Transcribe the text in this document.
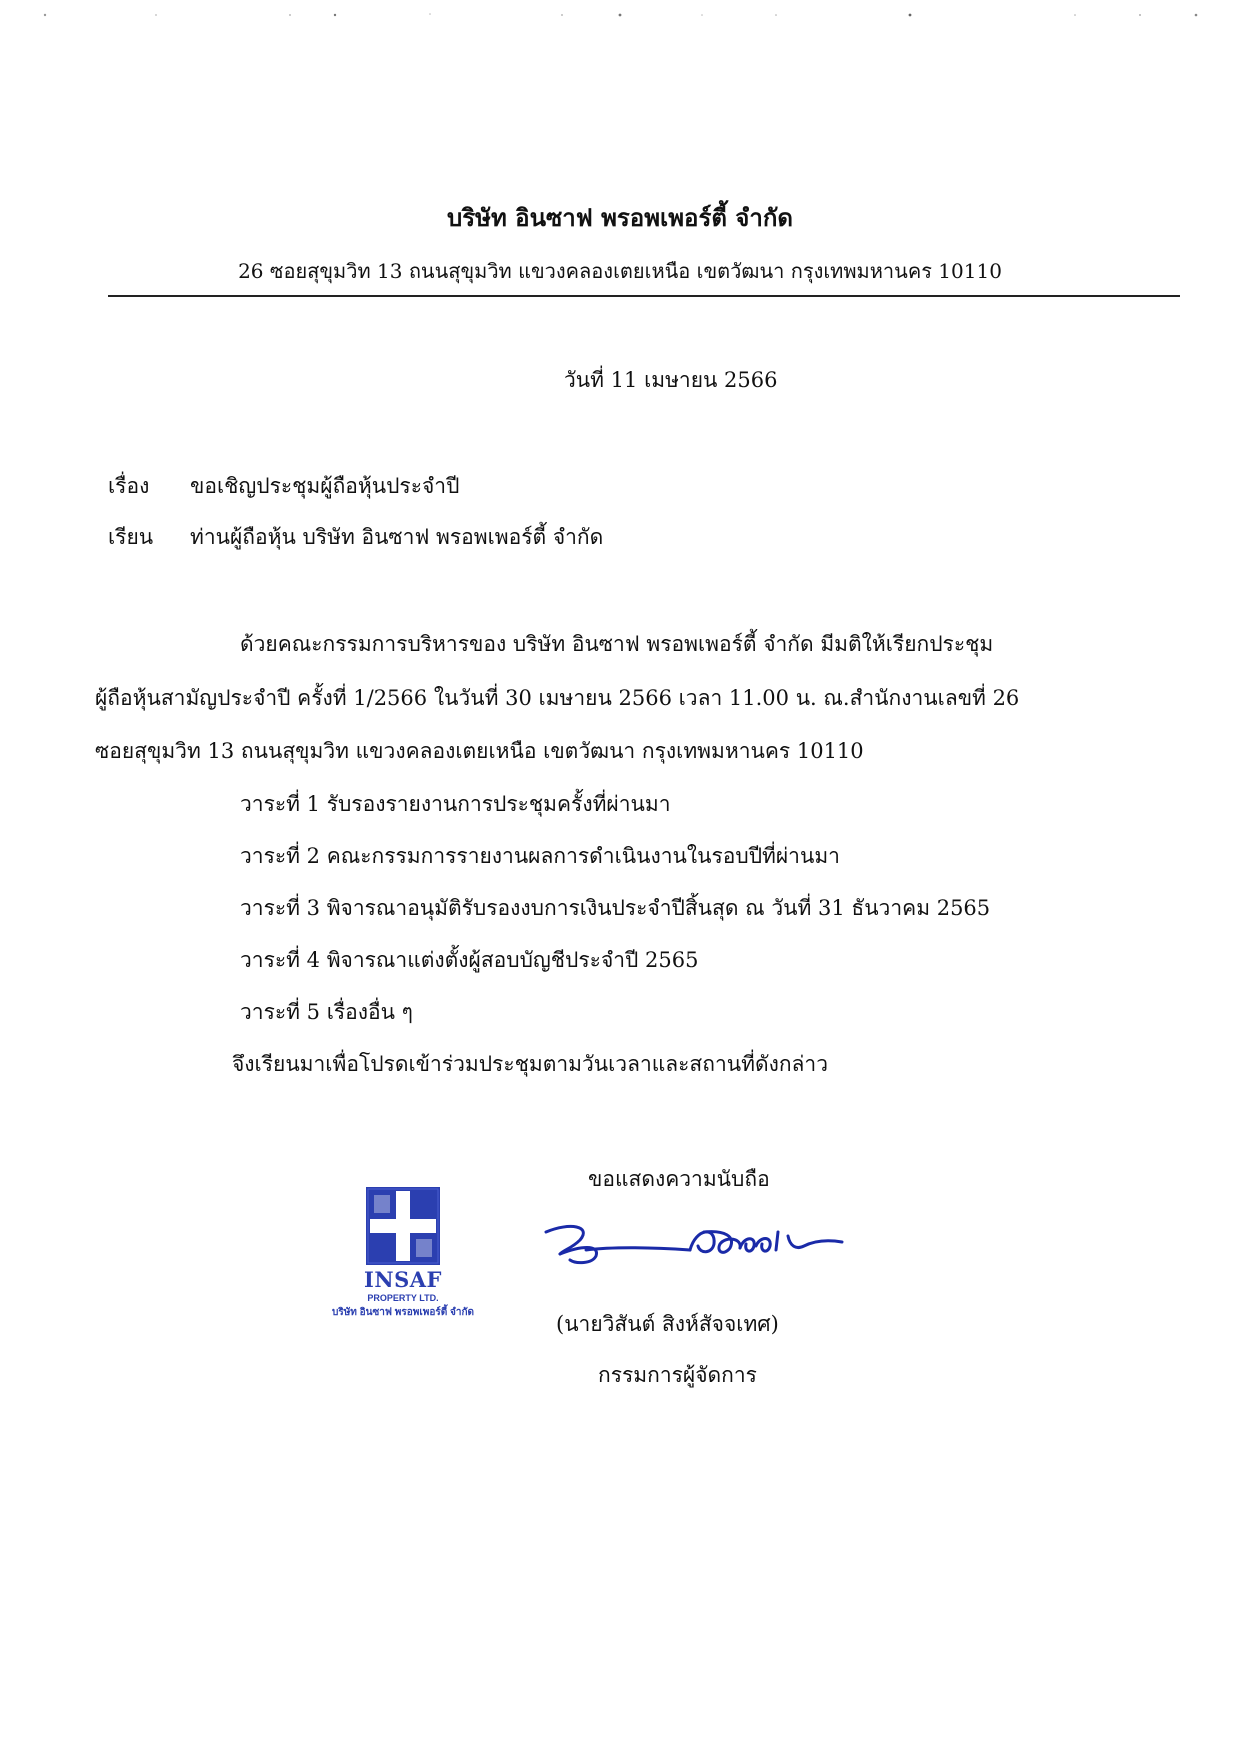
บริษัท อินซาฟ พรอพเพอร์ตี้ จำกัด
26 ซอยสุขุมวิท 13 ถนนสุขุมวิท แขวงคลองเตยเหนือ เขตวัฒนา กรุงเทพมหานคร 10110
วันที่ 11 เมษายน 2566
เรื่อง ขอเชิญประชุมผู้ถือหุ้นประจำปี
เรียน ท่านผู้ถือหุ้น บริษัท อินซาฟ พรอพเพอร์ตี้ จำกัด
ด้วยคณะกรรมการบริหารของ บริษัท อินซาฟ พรอพเพอร์ตี้ จำกัด มีมติให้เรียกประชุม
ผู้ถือหุ้นสามัญประจำปี ครั้งที่ 1/2566 ในวันที่ 30 เมษายน 2566 เวลา 11.00 น. ณ.สำนักงานเลขที่ 26
ซอยสุขุมวิท 13 ถนนสุขุมวิท แขวงคลองเตยเหนือ เขตวัฒนา กรุงเทพมหานคร 10110
วาระที่ 1 รับรองรายงานการประชุมครั้งที่ผ่านมา
วาระที่ 2 คณะกรรมการรายงานผลการดำเนินงานในรอบปีที่ผ่านมา
วาระที่ 3 พิจารณาอนุมัติรับรองงบการเงินประจำปีสิ้นสุด ณ วันที่ 31 ธันวาคม 2565
วาระที่ 4 พิจารณาแต่งตั้งผู้สอบบัญชีประจำปี 2565
วาระที่ 5 เรื่องอื่น ๆ
จึงเรียนมาเพื่อโปรดเข้าร่วมประชุมตามวันเวลาและสถานที่ดังกล่าว
ขอแสดงความนับถือ
(นายวิสันต์ สิงห์สัจจเทศ)
กรรมการผู้จัดการ
INSAF
PROPERTY LTD.
บริษัท อินซาฟ พรอพเพอร์ตี้ จำกัด
